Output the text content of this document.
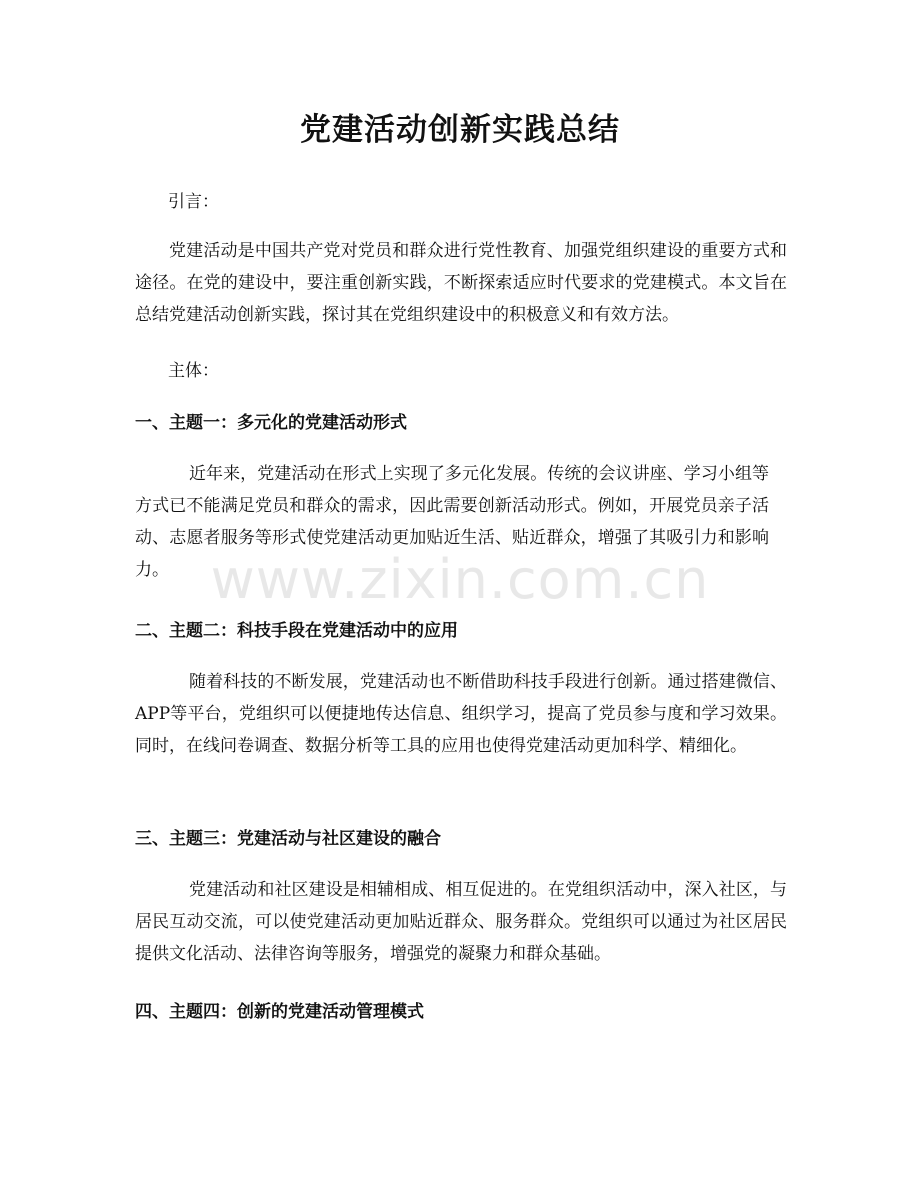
党建活动创新实践总结

引言：

党建活动是中国共产党对党员和群众进行党性教育、加强党组织建设的重要方式和途径。在党的建设中，要注重创新实践，不断探索适应时代要求的党建模式。本文旨在总结党建活动创新实践，探讨其在党组织建设中的积极意义和有效方法。

主体：

一、主题一：多元化的党建活动形式

近年来，党建活动在形式上实现了多元化发展。传统的会议讲座、学习小组等方式已不能满足党员和群众的需求，因此需要创新活动形式。例如，开展党员亲子活动、志愿者服务等形式使党建活动更加贴近生活、贴近群众，增强了其吸引力和影响力。

二、主题二：科技手段在党建活动中的应用

随着科技的不断发展，党建活动也不断借助科技手段进行创新。通过搭建微信、APP等平台，党组织可以便捷地传达信息、组织学习，提高了党员参与度和学习效果。同时，在线问卷调查、数据分析等工具的应用也使得党建活动更加科学、精细化。

三、主题三：党建活动与社区建设的融合

党建活动和社区建设是相辅相成、相互促进的。在党组织活动中，深入社区，与居民互动交流，可以使党建活动更加贴近群众、服务群众。党组织可以通过为社区居民提供文化活动、法律咨询等服务，增强党的凝聚力和群众基础。

四、主题四：创新的党建活动管理模式
www.zixin.com.cn
